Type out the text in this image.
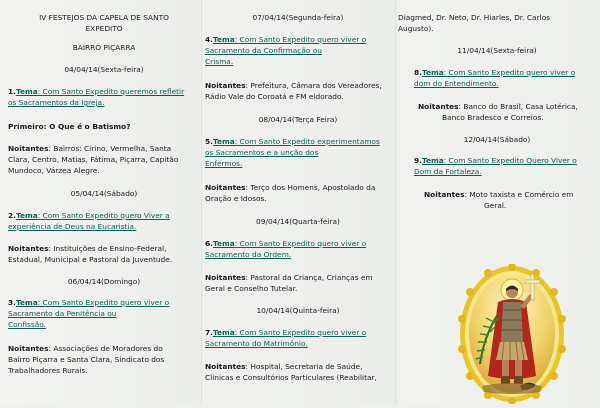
IV FESTEJOS DA CAPELA DE SANTO

EXPEDITO

BAIRRO PIÇARRA

04/04/14(Sexta-feira)

1.Tema: Com Santo Expedito queremos refletir

os Sacramentos da Igreja.

Primeiro: O Que é o Batismo?

Noitantes: Bairros: Cirino, Vermelha, Santa

Clara, Centro, Matias, Fátima, Piçarra, Capitão

Mundoco, Várzea Alegre.

05/04/14(Sábado)

2.Tema: Com Santo Expedito quero Viver a

experiência de Deus na Eucaristia.

Noitantes: Instituições de Ensino-Federal,

Estadual, Municipal e Pastoral da Juventude.

06/04/14(Domingo)

3.Tema: Com Santo Expedito quero viver o

Sacramento da Penitência ou

Confissão.

Noitantes: Associações de Moradores do

Bairro Piçarra e Santa Clara, Sindicato dos

Trabalhadores Rurais.

07/04/14(Segunda-feira)

4.Tema: Com Santo Expedito quero viver o

Sacramento da Confirmação ou

Crisma.

Noitantes: Prefeitura, Câmara dos Vereadores,

Rádio Vale do Coroatá e FM eldorado.

08/04/14(Terça Feira)

5.Tema: Com Santo Expedito experimentamos

os Sacramentos e a unção dos

Enfermos.

Noitantes: Terço dos Homens, Apostolado da

Oração e Idosos.

09/04/14(Quarta-feira)

6.Tema: Com Santo Expedito quero viver o

Sacramento da Ordem.

Noitantes: Pastoral da Criança, Crianças em

Geral e Conselho Tutelar.

10/04/14(Quinta-feira)

7.Tema: Com Santo Expedito quero viver o

Sacramento do Matrimônio.

Noitantes: Hospital, Secretaria de Saúde,

Clinicas e Consultórios Particulares (Reabilitar,

Diagmed, Dr. Neto, Dr. Hiarles, Dr. Carlos

Augusto).

11/04/14(Sexta-feira)

8.Tema: Com Santo Expedito quero viver o

dom do Entendimento.

Noitantes: Banco do Brasil, Casa Lotérica,

Banco Bradesco e Correios.

12/04/14(Sábado)

9.Tema: Com Santo Expedito Quero Viver o

Dom da Fortaleza.

Noitantes: Moto taxista e Comércio em

Geral.
